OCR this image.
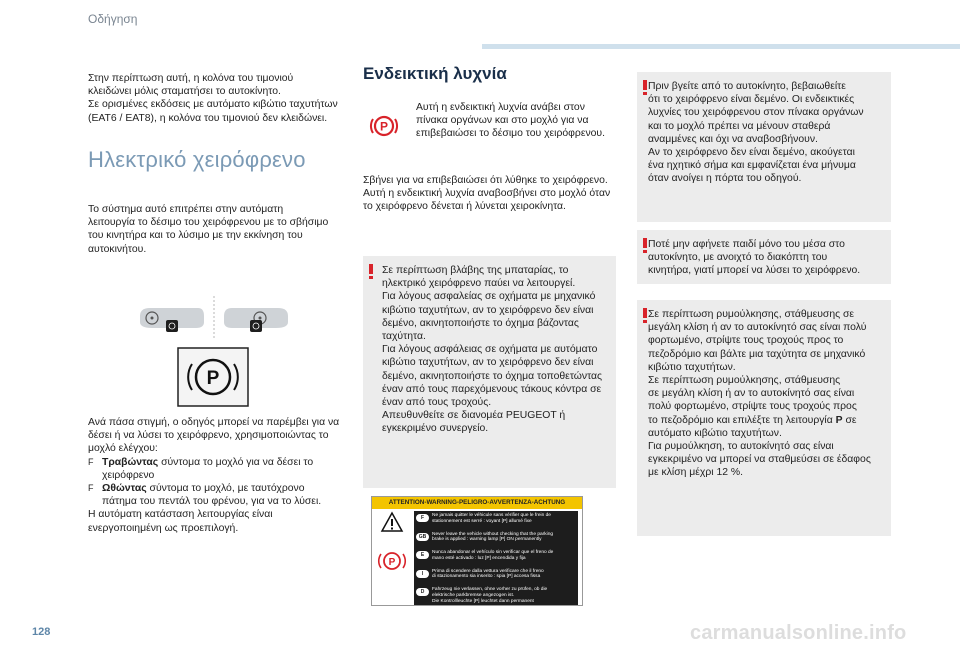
Οδήγηση
Στην περίπτωση αυτή, η κολόνα του τιμονιού
κλειδώνει μόλις σταματήσει το αυτοκίνητο.
Σε ορισμένες εκδόσεις με αυτόματο κιβώτιο ταχυτήτων
(EAT6 / EAT8), η κολόνα του τιμονιού δεν κλειδώνει.
Ηλεκτρικό χειρόφρενο
Το σύστημα αυτό επιτρέπει στην αυτόματη
λειτουργία το δέσιμο του χειρόφρενου με το σβήσιμο
του κινητήρα και το λύσιμο με την εκκίνηση του
αυτοκινήτου.
P
Ανά πάσα στιγμή, ο οδηγός μπορεί να παρέμβει για να
δέσει ή να λύσει το χειρόφρενο, χρησιμοποιώντας το
μοχλό ελέγχου:
F Τραβώντας σύντομα το μοχλό για να δέσει το
χειρόφρενο
F Ωθώντας σύντομα το μοχλό, με ταυτόχρονο
πάτημα του πεντάλ του φρένου, για να το λύσει.
Η αυτόματη κατάσταση λειτουργίας είναι
ενεργοποιημένη ως προεπιλογή.
Ενδεικτική λυχνία
P
Αυτή η ενδεικτική λυχνία ανάβει στον
πίνακα οργάνων και στο μοχλό για να
επιβεβαιώσει το δέσιμο του χειρόφρενου.
Σβήνει για να επιβεβαιώσει ότι λύθηκε το χειρόφρενο.
Αυτή η ενδεικτική λυχνία αναβοσβήνει στο μοχλό όταν
το χειρόφρενο δένεται ή λύνεται χειροκίνητα.
Σε περίπτωση βλάβης της μπαταρίας, το
ηλεκτρικό χειρόφρενο παύει να λειτουργεί.
Για λόγους ασφαλείας σε οχήματα με μηχανικό
κιβώτιο ταχυτήτων, αν το χειρόφρενο δεν είναι
δεμένο, ακινητοποιήστε το όχημα βάζοντας
ταχύτητα.
Για λόγους ασφάλειας σε οχήματα με αυτόματο
κιβώτιο ταχυτήτων, αν το χειρόφρενο δεν είναι
δεμένο, ακινητοποιήστε το όχημα τοποθετώντας
έναν από τους παρεχόμενους τάκους κόντρα σε
έναν από τους τροχούς.
Απευθυνθείτε σε διανομέα PEUGEOT ή
εγκεκριμένο συνεργείο.
ATTENTION-WARNING-PELIGRO-AVVERTENZA-ACHTUNG
P
F	Ne jamais quitter le véhicule sans vérifier que le frein de
stationnement est serré : voyant [P] allumé fixe
GB	Never leave the vehicle without checking that the parking
brake is applied : warning lamp [P] ON permanently
E	Nunca abandonar el vehículo sin verificar que el freno de
mano esté activado : luz [P] encendida y fija
I	Prima di scendere dalla vettura verificare che il freno
di stazionamento sia inserito : spia [P] accesa fissa
D	Fahrzeug nie verlassen, ohne vorher zu prüfen, ob die
elektrische parkbremse angezogen ist.
Die Kontrollleuchte [P] leuchtet dann permanent
Πριν βγείτε από το αυτοκίνητο, βεβαιωθείτε
ότι το χειρόφρενο είναι δεμένο. Οι ενδεικτικές
λυχνίες του χειρόφρενου στον πίνακα οργάνων
και το μοχλό πρέπει να μένουν σταθερά
αναμμένες και όχι να αναβοσβήνουν.
Αν το χειρόφρενο δεν είναι δεμένο, ακούγεται
ένα ηχητικό σήμα και εμφανίζεται ένα μήνυμα
όταν ανοίγει η πόρτα του οδηγού.
Ποτέ μην αφήνετε παιδί μόνο του μέσα στο
αυτοκίνητο, με ανοιχτό το διακόπτη του
κινητήρα, γιατί μπορεί να λύσει το χειρόφρενο.
Σε περίπτωση ρυμούλκησης, στάθμευσης σε
μεγάλη κλίση ή αν το αυτοκίνητό σας είναι πολύ
φορτωμένο, στρίψτε τους τροχούς προς το
πεζοδρόμιο και βάλτε μια ταχύτητα σε μηχανικό
κιβώτιο ταχυτήτων.
Σε περίπτωση ρυμούλκησης, στάθμευσης
σε μεγάλη κλίση ή αν το αυτοκίνητό σας είναι
πολύ φορτωμένο, στρίψτε τους τροχούς προς
το πεζοδρόμιο και επιλέξτε τη λειτουργία P σε
αυτόματο κιβώτιο ταχυτήτων.
Για ρυμούλκηση, το αυτοκίνητό σας είναι
εγκεκριμένο να μπορεί να σταθμεύσει σε έδαφος
με κλίση μέχρι 12 %.
128	carmanualsonline.info
